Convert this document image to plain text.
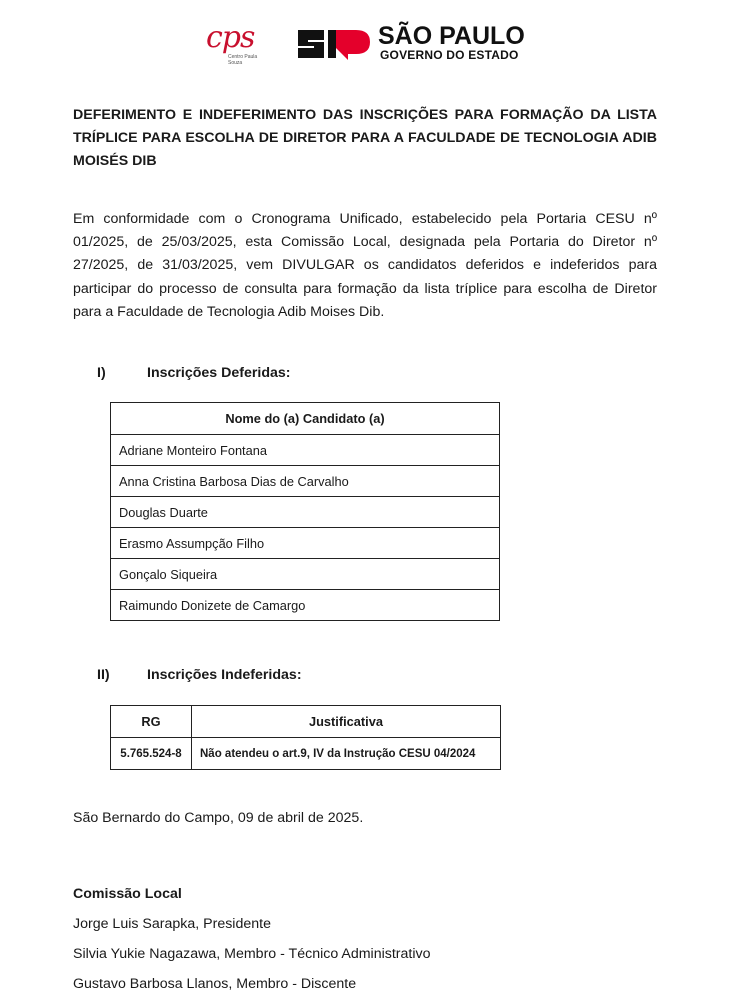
cps
Centro Paula Souza
SÃO PAULO
GOVERNO DO ESTADO
DEFERIMENTO E INDEFERIMENTO DAS INSCRIÇÕES PARA FORMAÇÃO DA LISTA TRÍPLICE PARA ESCOLHA DE DIRETOR PARA A FACULDADE DE TECNOLOGIA ADIB MOISÉS DIB
Em conformidade com o Cronograma Unificado, estabelecido pela Portaria CESU nº 01/2025, de 25/03/2025, esta Comissão Local, designada pela Portaria do Diretor nº 27/2025, de 31/03/2025, vem DIVULGAR os candidatos deferidos e indeferidos para participar do processo de consulta para formação da lista tríplice para escolha de Diretor para a Faculdade de Tecnologia Adib Moises Dib.
I)	Inscrições Deferidas:
Nome do (a) Candidato (a)
Adriane Monteiro Fontana
Anna Cristina Barbosa Dias de Carvalho
Douglas Duarte
Erasmo Assumpção Filho
Gonçalo Siqueira
Raimundo Donizete de Camargo
II)	Inscrições Indeferidas:
RG	Justificativa
5.765.524-8	Não atendeu o art.9, IV da Instrução CESU 04/2024
São Bernardo do Campo, 09 de abril de 2025.
Comissão Local
Jorge Luis Sarapka, Presidente
Silvia Yukie Nagazawa, Membro - Técnico Administrativo
Gustavo Barbosa Llanos, Membro - Discente
